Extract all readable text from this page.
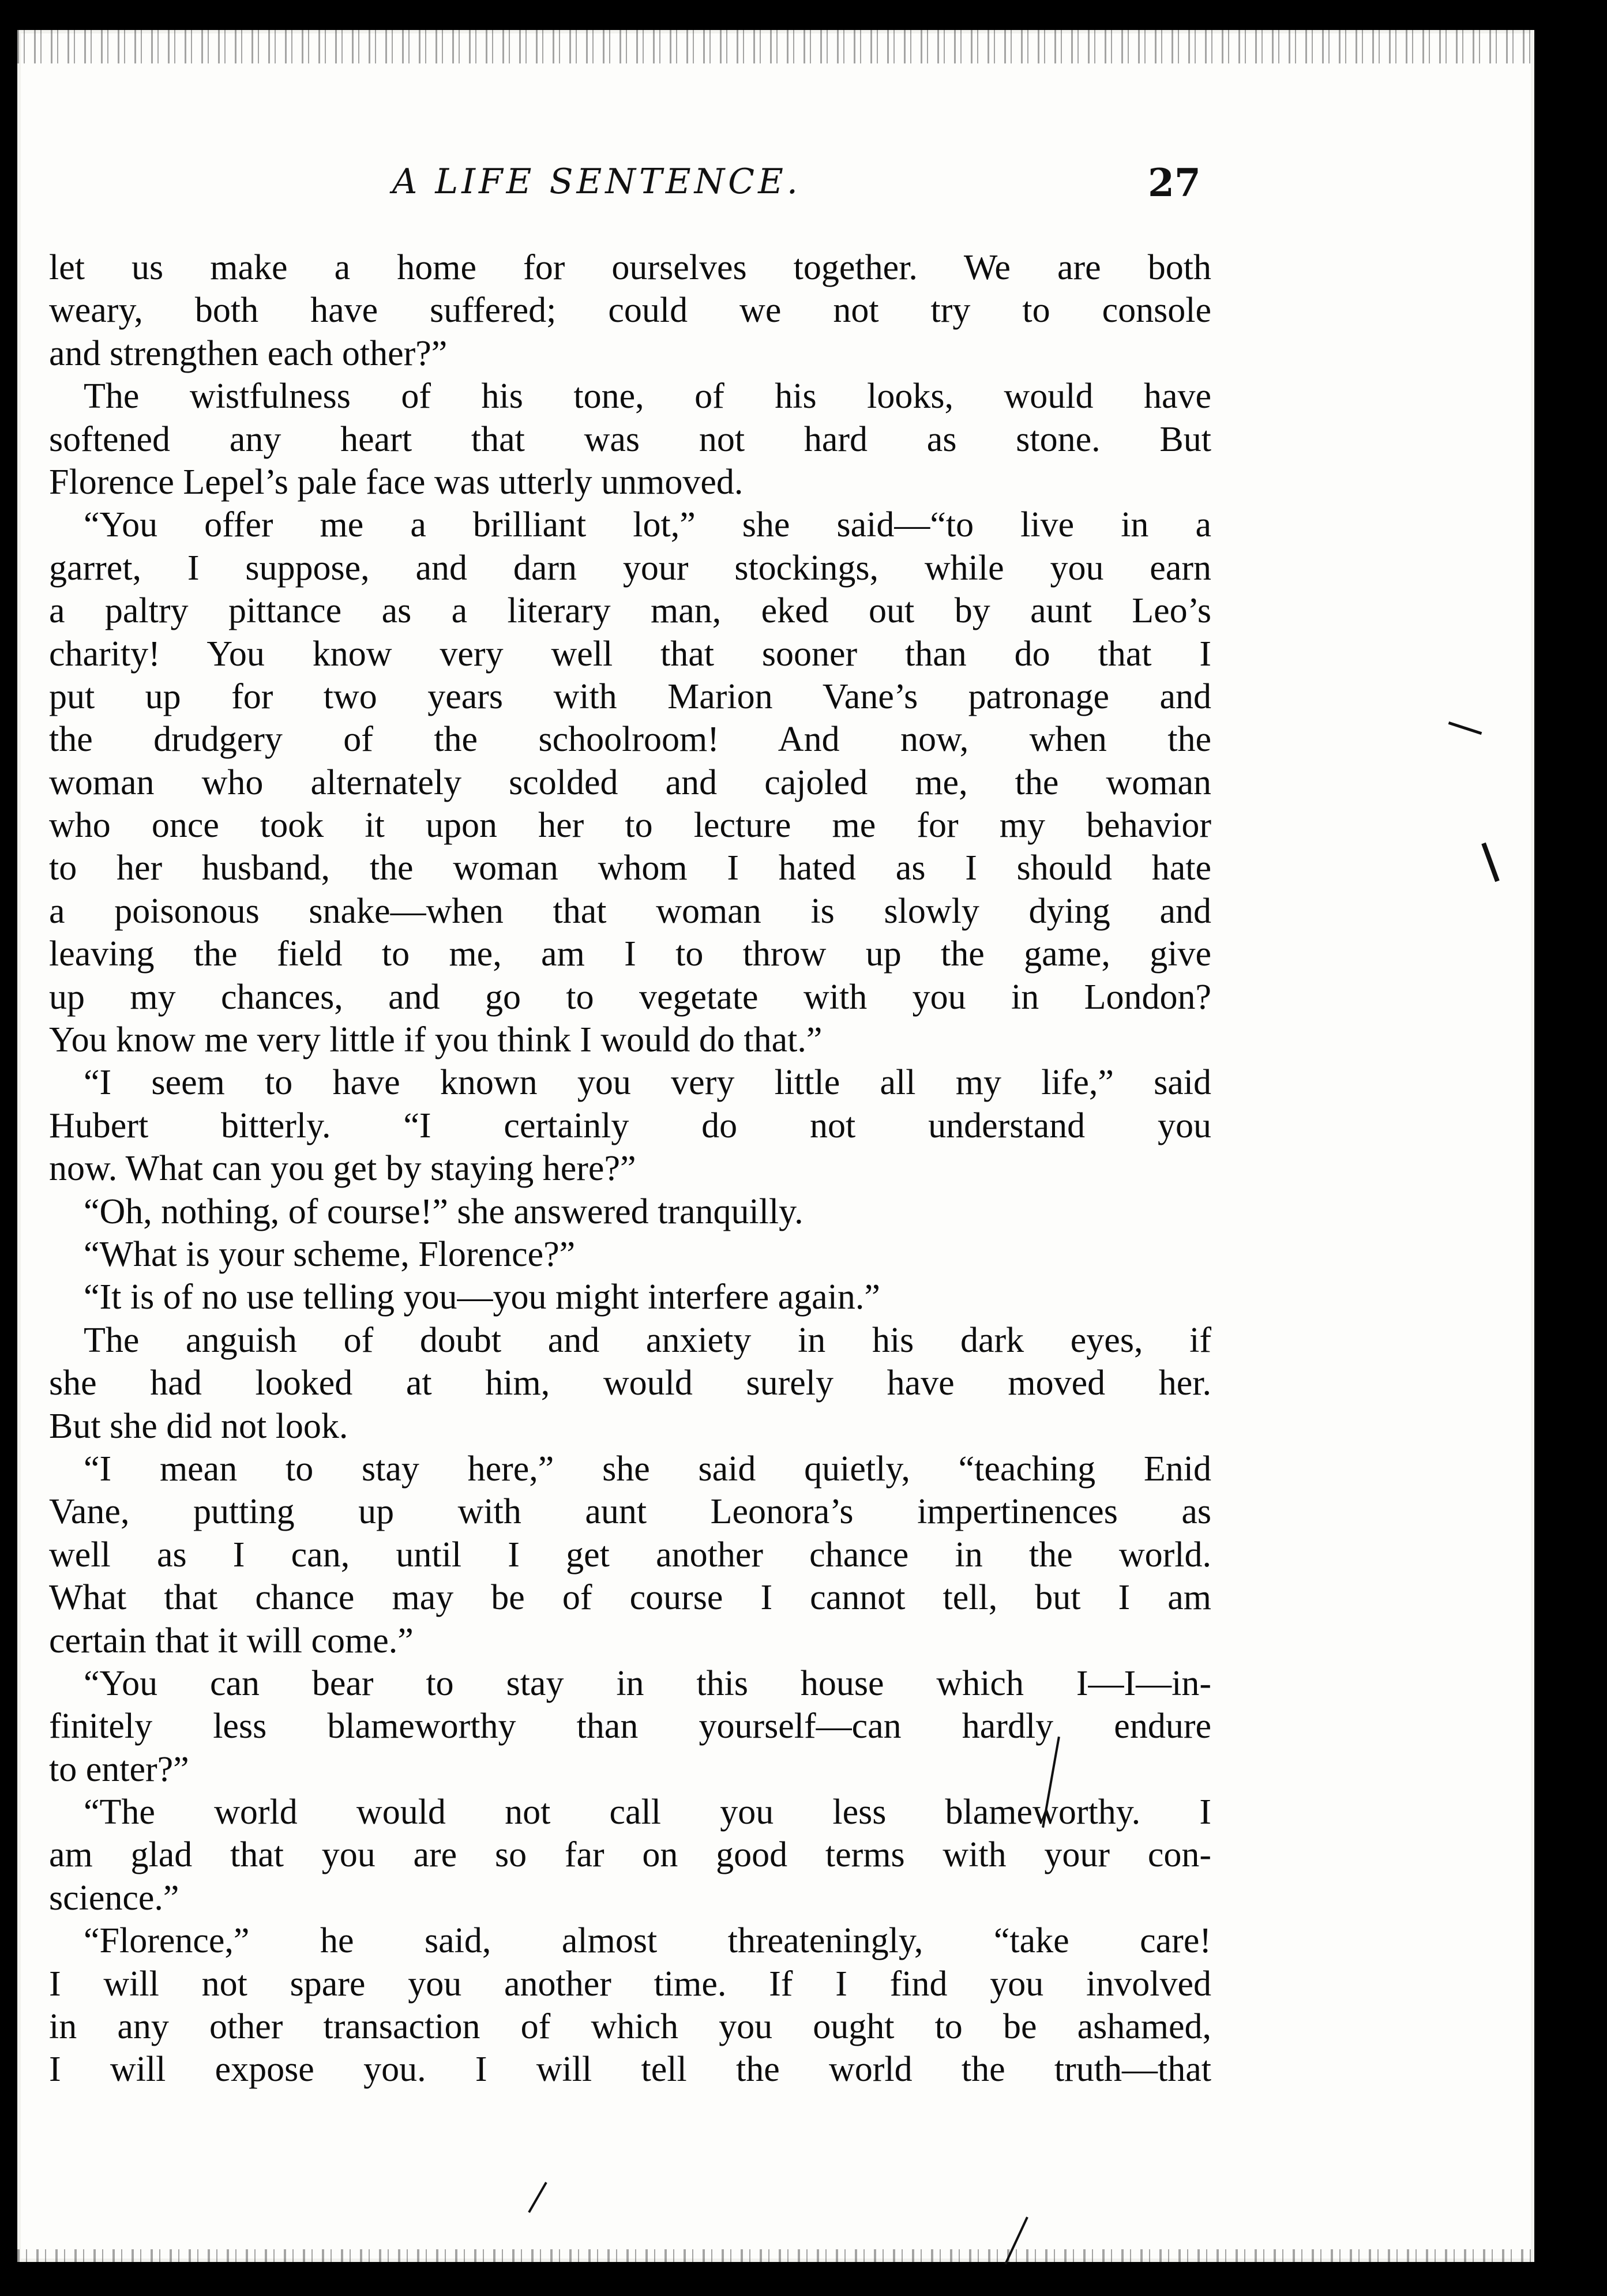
A LIFE SENTENCE.	27
let us make a home for ourselves together. We are both
weary, both have suffered; could we not try to console
and strengthen each other?”
The wistfulness of his tone, of his looks, would have
softened any heart that was not hard as stone. But
Florence Lepel’s pale face was utterly unmoved.
“You offer me a brilliant lot,” she said—“to live in a
garret, I suppose, and darn your stockings, while you earn
a paltry pittance as a literary man, eked out by aunt Leo’s
charity! You know very well that sooner than do that I
put up for two years with Marion Vane’s patronage and
the drudgery of the schoolroom! And now, when the
woman who alternately scolded and cajoled me, the woman
who once took it upon her to lecture me for my behavior
to her husband, the woman whom I hated as I should hate
a poisonous snake—when that woman is slowly dying and
leaving the field to me, am I to throw up the game, give
up my chances, and go to vegetate with you in London?
You know me very little if you think I would do that.”
“I seem to have known you very little all my life,” said
Hubert bitterly. “I certainly do not understand you
now. What can you get by staying here?”
“Oh, nothing, of course!” she answered tranquilly.
“What is your scheme, Florence?”
“It is of no use telling you—you might interfere again.”
The anguish of doubt and anxiety in his dark eyes, if
she had looked at him, would surely have moved her.
But she did not look.
“I mean to stay here,” she said quietly, “teaching Enid
Vane, putting up with aunt Leonora’s impertinences as
well as I can, until I get another chance in the world.
What that chance may be of course I cannot tell, but I am
certain that it will come.”
“You can bear to stay in this house which I—I—in-
finitely less blameworthy than yourself—can hardly endure
to enter?”
“The world would not call you less blameworthy. I
am glad that you are so far on good terms with your con-
science.”
“Florence,” he said, almost threateningly, “take care!
I will not spare you another time. If I find you involved
in any other transaction of which you ought to be ashamed,
I will expose you. I will tell the world the truth—that
